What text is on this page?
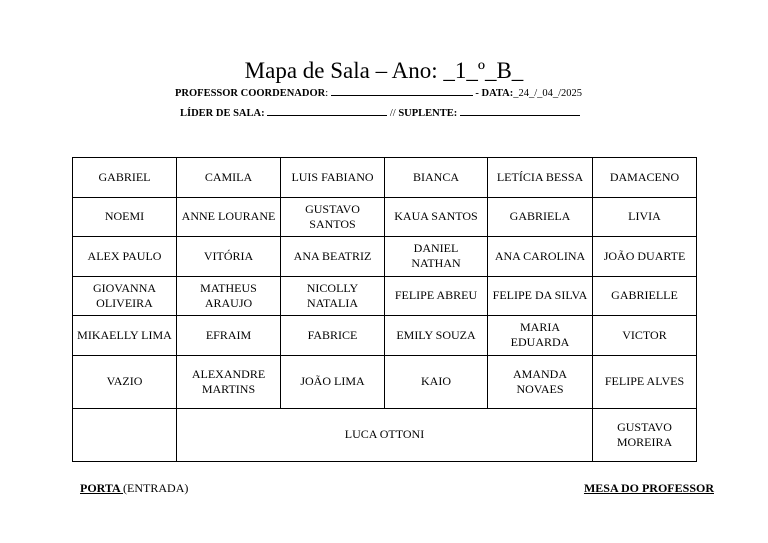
Mapa de Sala – Ano: _1_º_B_
PROFESSOR COORDENADOR:	- DATA:_24_/_04_/2025
LÍDER DE SALA:	// SUPLENTE:
GABRIEL	CAMILA	LUIS FABIANO	BIANCA	LETÍCIA BESSA	DAMACENO
NOEMI	ANNE LOURANE	GUSTAVO SANTOS	KAUA SANTOS	GABRIELA	LIVIA
ALEX PAULO	VITÓRIA	ANA BEATRIZ	DANIEL NATHAN	ANA CAROLINA	JOÃO DUARTE
GIOVANNA OLIVEIRA	MATHEUS ARAUJO	NICOLLY NATALIA	FELIPE ABREU	FELIPE DA SILVA	GABRIELLE
MIKAELLY LIMA	EFRAIM	FABRICE	EMILY SOUZA	MARIA EDUARDA	VICTOR
VAZIO	ALEXANDRE MARTINS	JOÃO LIMA	KAIO	AMANDA NOVAES	FELIPE ALVES
	LUCA OTTONI				GUSTAVO MOREIRA
PORTA (ENTRADA)	MESA DO PROFESSOR
